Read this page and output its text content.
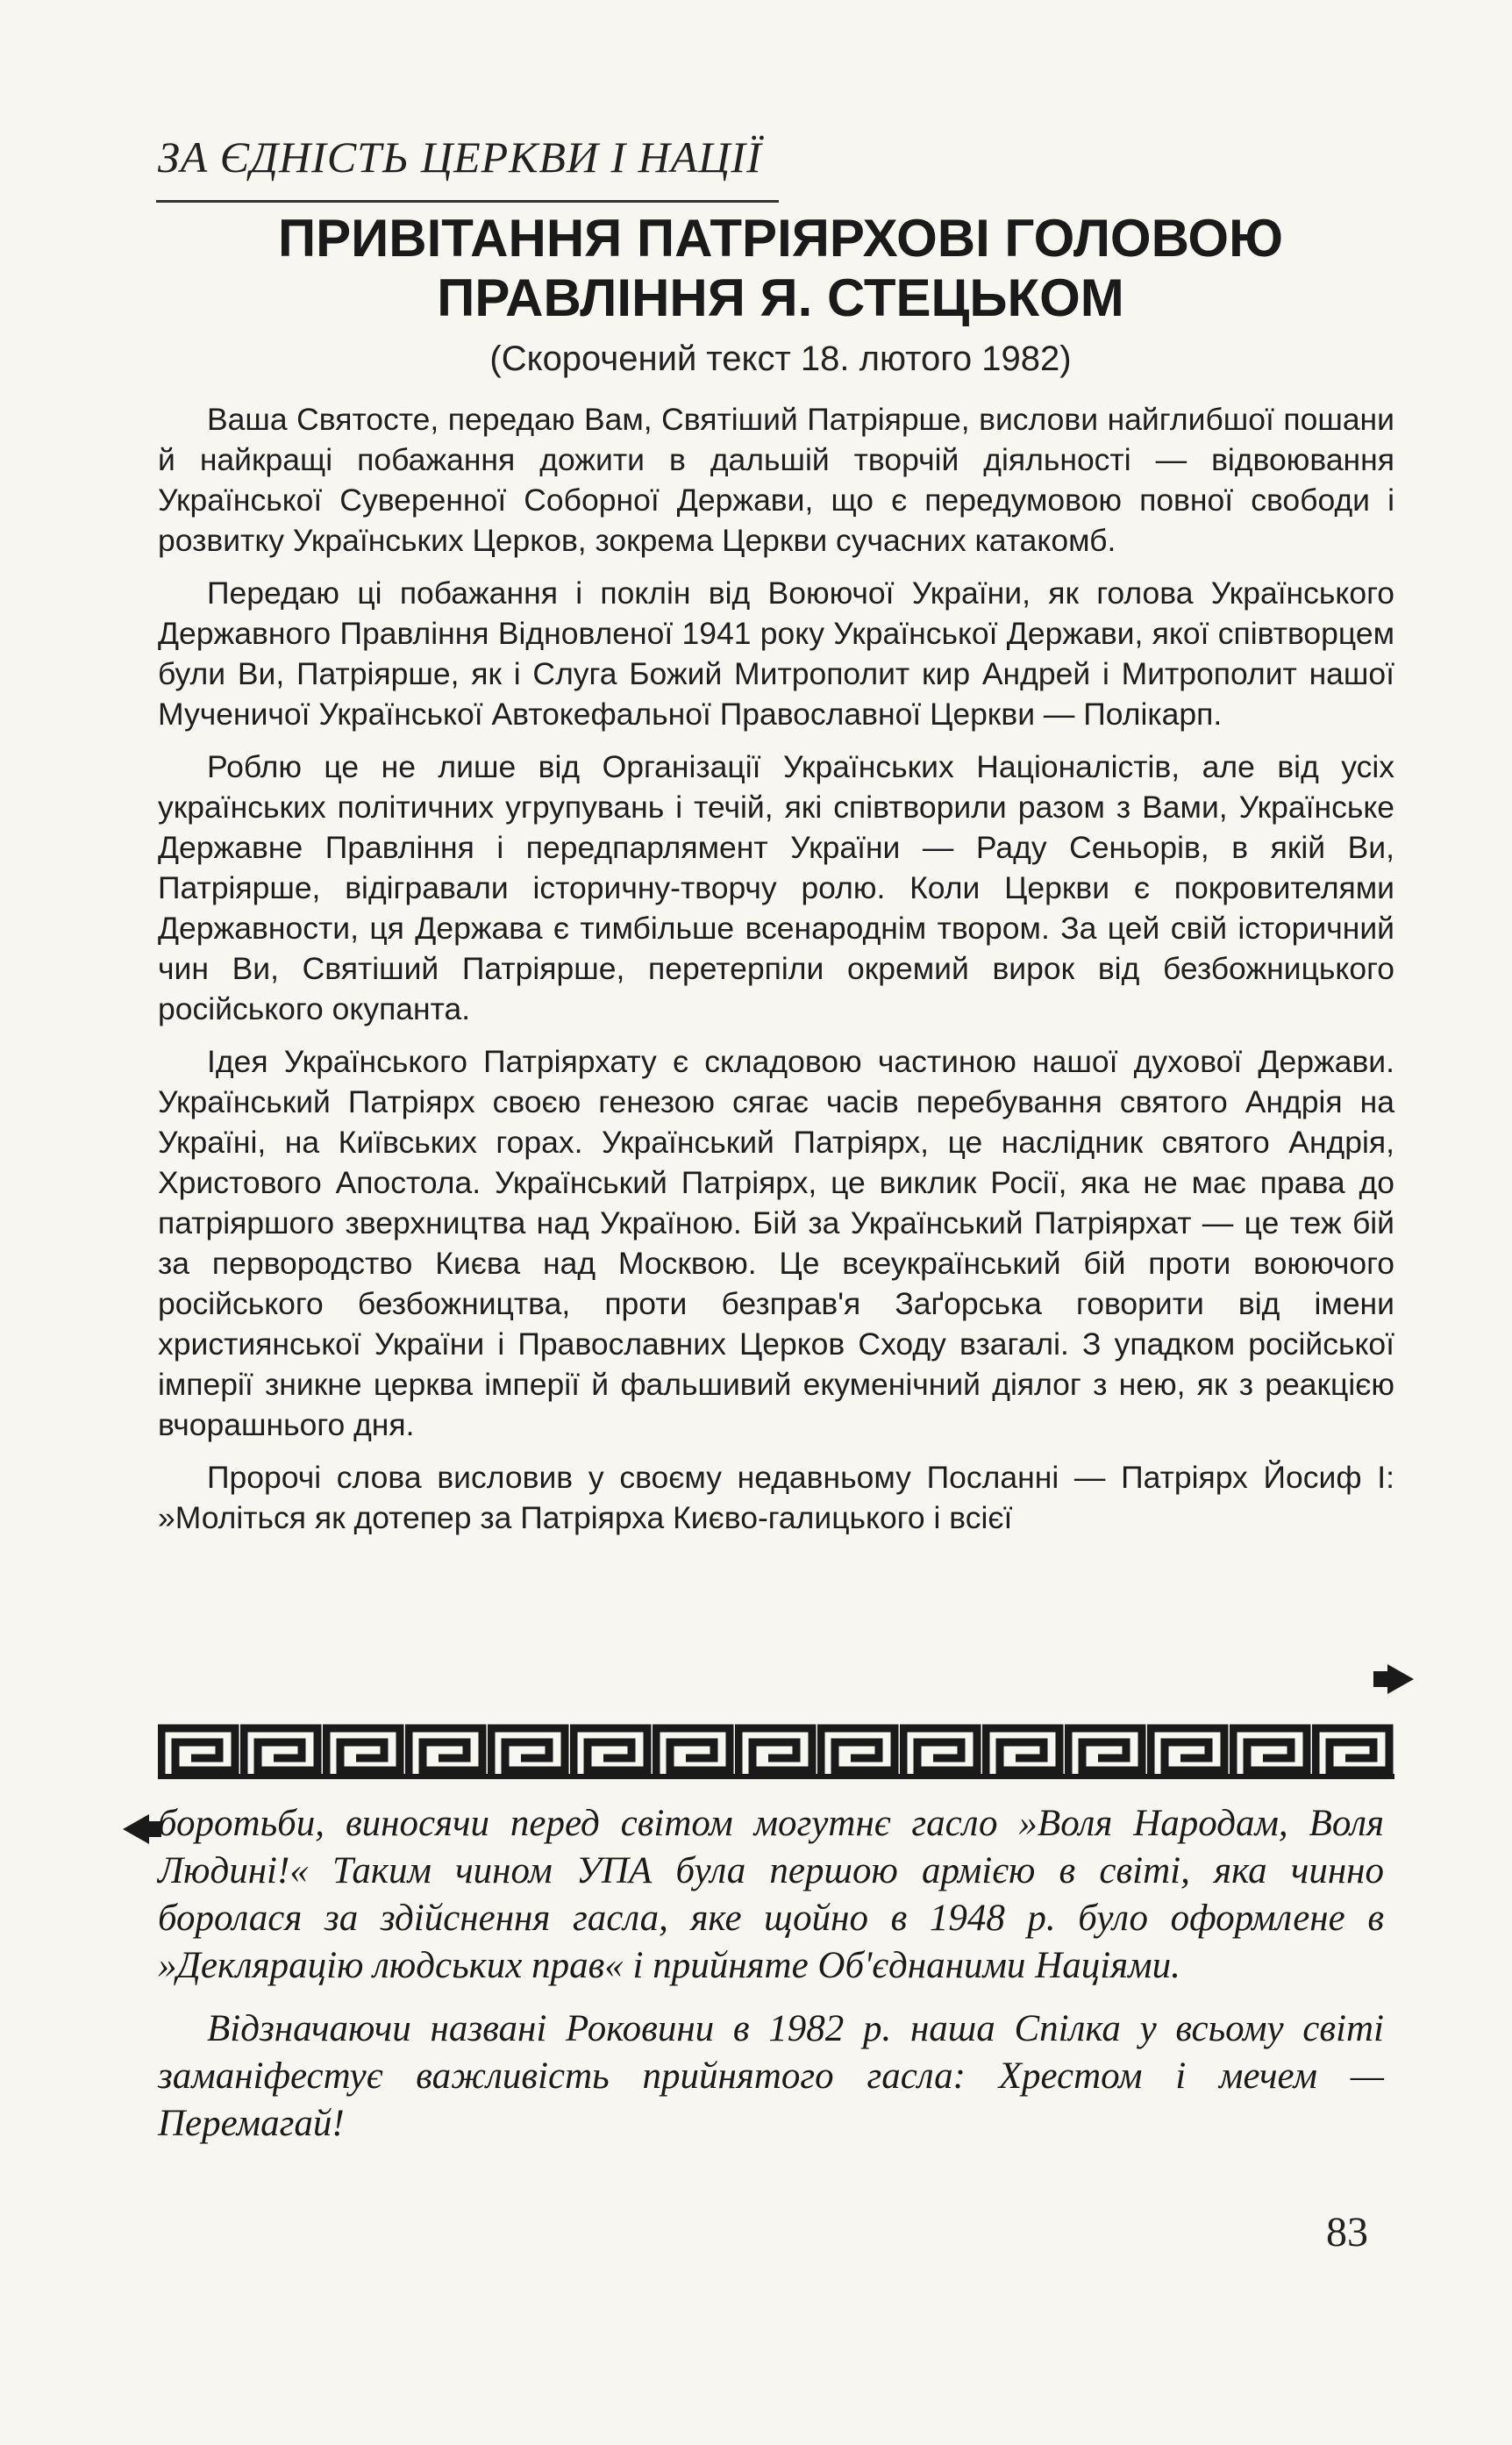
ЗА ЄДНІСТЬ ЦЕРКВИ І НАЦІЇ
ПРИВІТАННЯ ПАТРІЯРХОВІ ГОЛОВОЮ
ПРАВЛІННЯ Я. СТЕЦЬКОМ
(Скорочений текст 18. лютого 1982)

Ваша Святосте, передаю Вам, Святіший Патріярше, вислови найглибшої пошани й найкращі побажання дожити в дальшій творчій діяльності — відвоювання Української Суверенної Соборної Держави, що є передумовою повної свободи і розвитку Українських Церков, зокрема Церкви сучасних катакомб.

Передаю ці побажання і поклін від Воюючої України, як голова Українського Державного Правління Відновленої 1941 року Української Держави, якої співтворцем були Ви, Патріярше, як і Слуга Божий Митрополит кир Андрей і Митрополит нашої Мученичої Української Автокефальної Православної Церкви — Полікарп.

Роблю це не лише від Організації Українських Націоналістів, але від усіх українських політичних угрупувань і течій, які співтворили разом з Вами, Українське Державне Правління і передпарлямент України — Раду Сеньорів, в якій Ви, Патріярше, відігравали історичну-творчу ролю. Коли Церкви є покровителями Державности, ця Держава є тимбільше всенароднім твором. За цей свій історичний чин Ви, Святіший Патріярше, перетерпіли окремий вирок від безбожницького російського окупанта.

Ідея Українського Патріярхату є складовою частиною нашої духової Держави. Український Патріярх своєю генезою сягає часів перебування святого Андрія на Україні, на Київських горах. Український Патріярх, це наслідник святого Андрія, Христового Апостола. Український Патріярх, це виклик Росії, яка не має права до патріяршого зверхництва над Україною. Бій за Український Патріярхат — це теж бій за первородство Києва над Москвою. Це всеукраїнський бій проти воюючого російського безбожництва, проти безправ'я Заґорська говорити від імени християнської України і Православних Церков Сходу взагалі. З упадком російської імперії зникне церква імперії й фальшивий екуменічний діялог з нею, як з реакцією вчорашнього дня.

Пророчі слова висловив у своєму недавньому Посланні — Патріярх Йосиф І: »Моліться як дотепер за Патріярха Києво-галицького і всієї

боротьби, виносячи перед світом могутнє гасло »Воля Народам, Воля Людині!« Таким чином УПА була першою армією в світі, яка чинно боролася за здійснення гасла, яке щойно в 1948 р. було оформлене в »Деклярацію людських прав« і прийняте Об'єднаними Націями.

Відзначаючи названі Роковини в 1982 р. наша Спілка у всьому світі заманіфестує важливість прийнятого гасла: Хрестом і мечем — Перемагай!

83
